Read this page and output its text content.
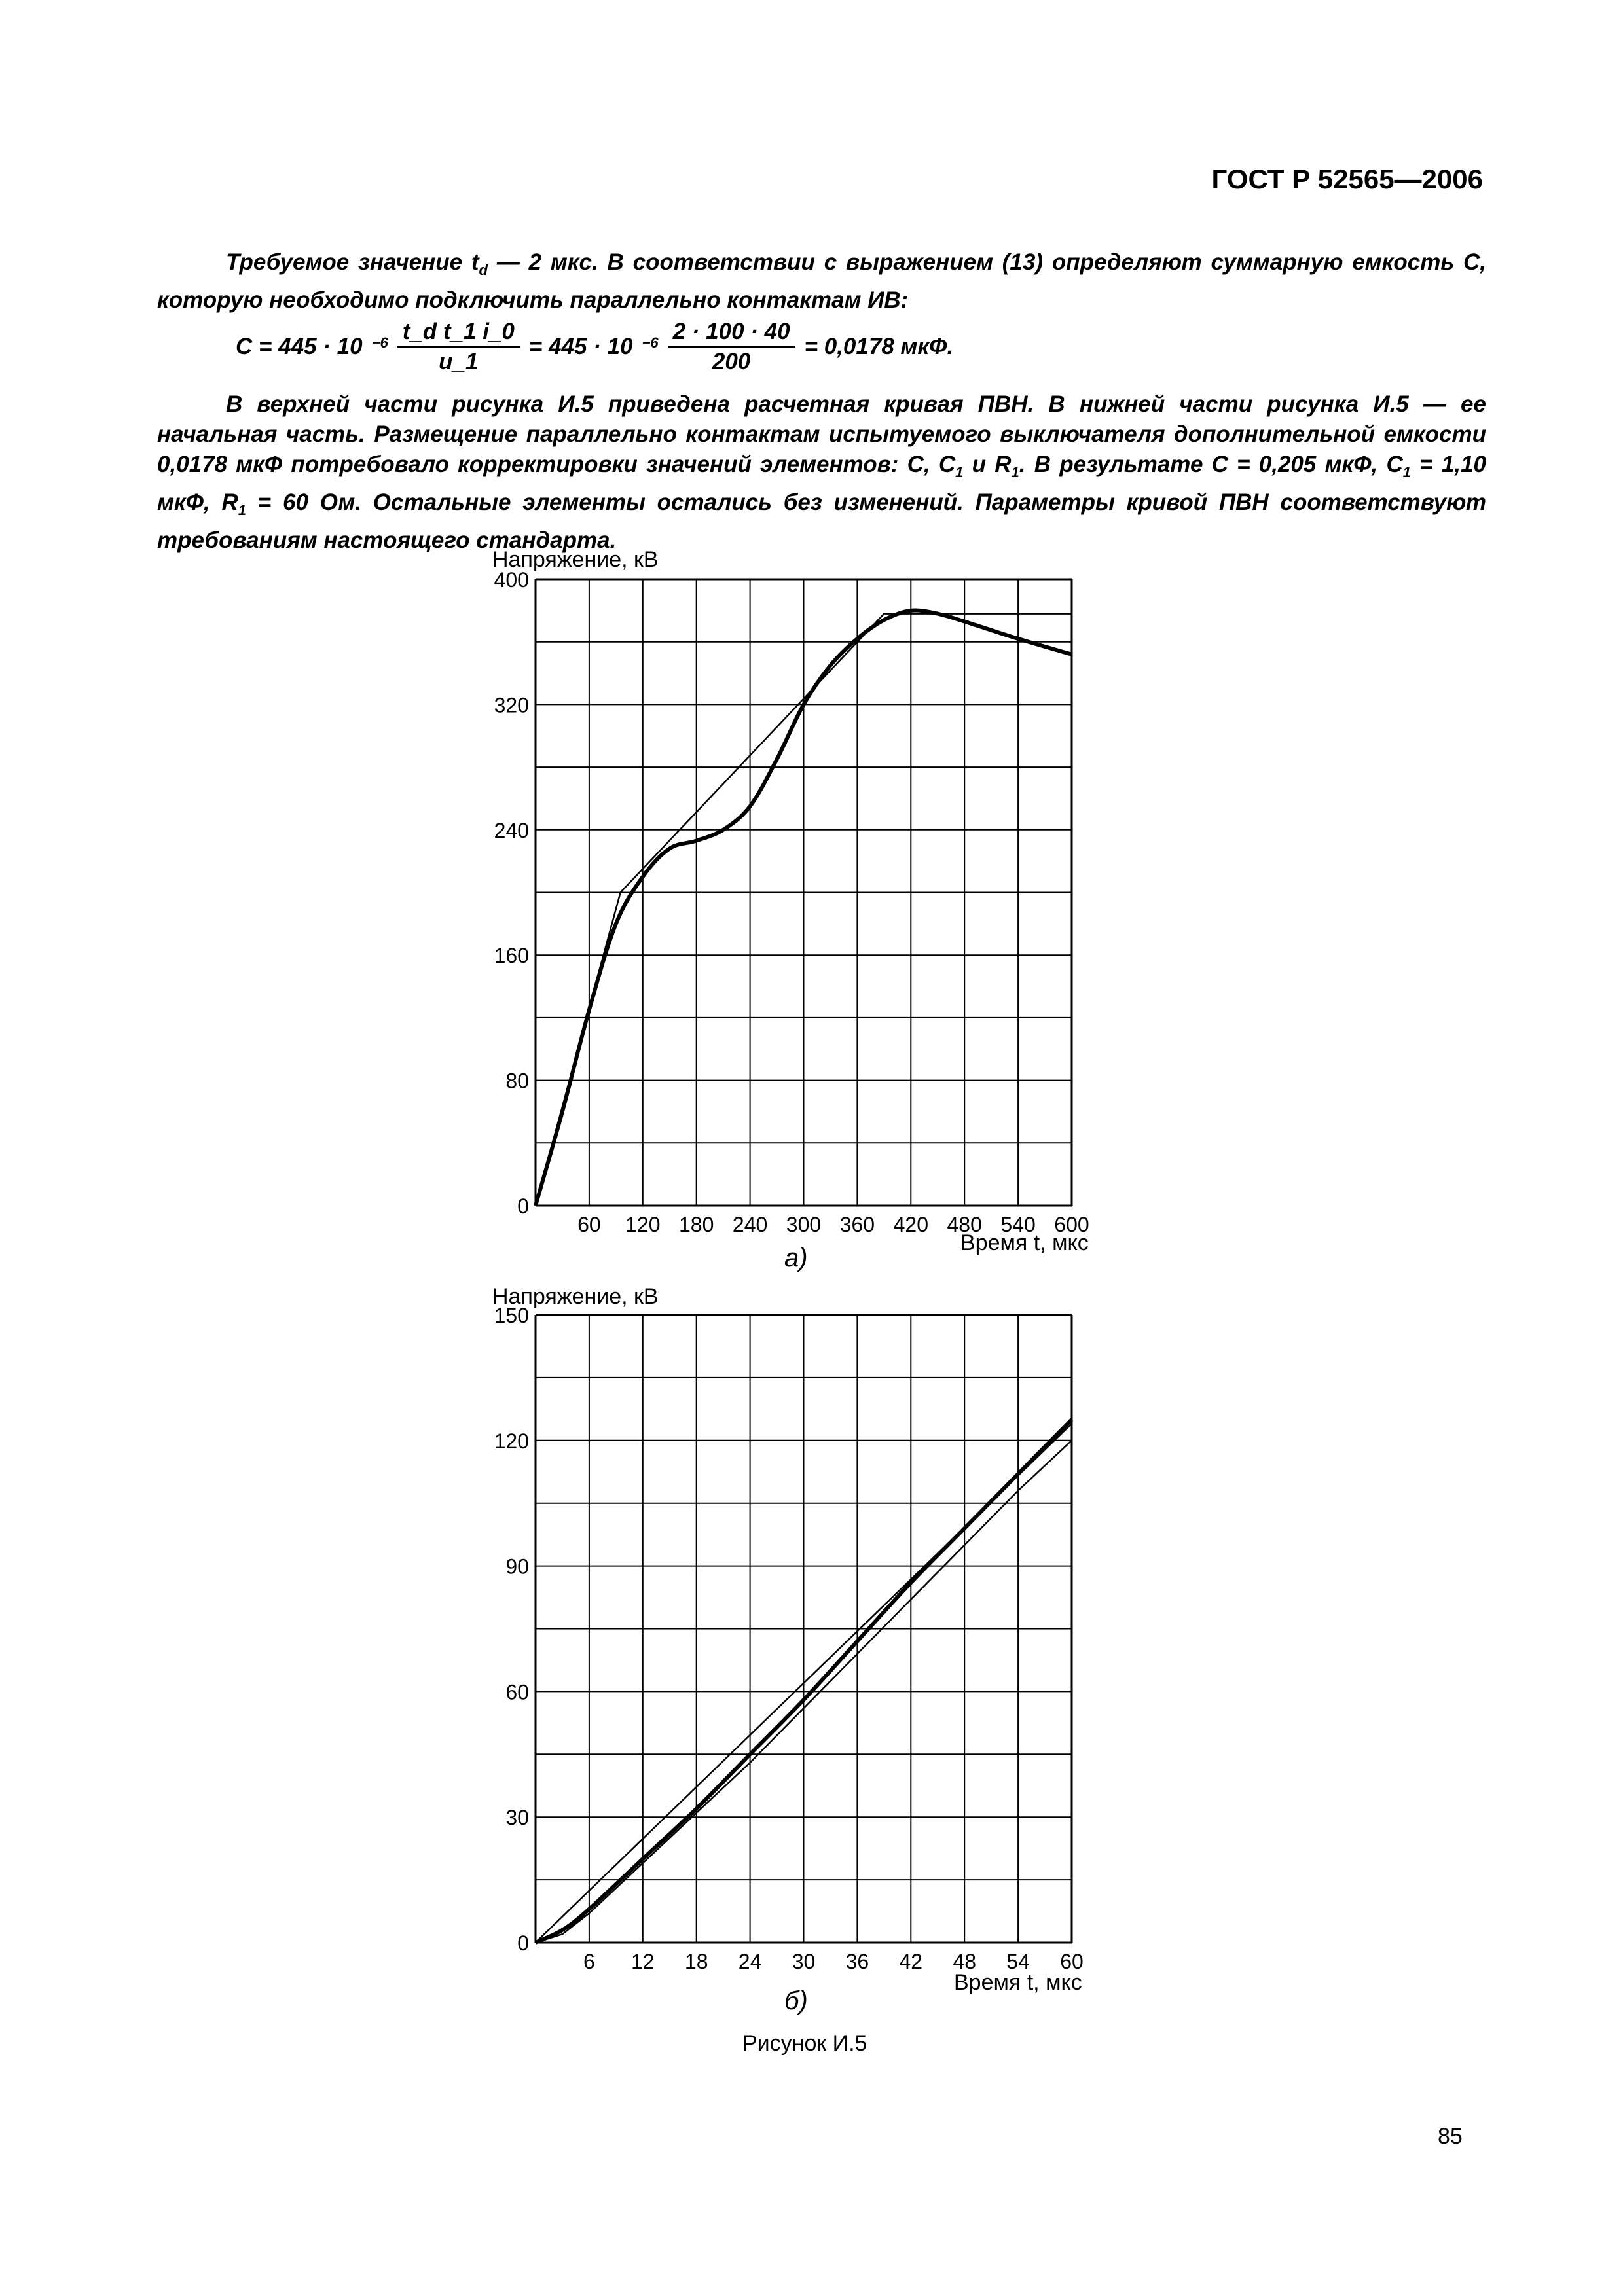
ГОСТ Р 52565—2006
Требуемое значение $t_d$ — 2 мкс. В соответствии с выражением (13) определяют суммарную емкость С, которую необходимо подключить параллельно контактам ИВ:
С = 445 · 10 $^{-6} \frac{\text{t\_d t\_1 i\_0}}{u\_1} = 445 \cdot 10$ $^{-6} \frac{2 \cdot 100 \cdot 40}{200} = 0,0178$ мкФ.
В верхней части рисунка И.5 приведена расчетная кривая ПВН. В нижней части рисунка И.5 — ее начальная часть. Размещение параллельно контактам испытуемого выключателя дополнительной емкости 0,0178 мкФ потребовало корректировки значений элементов: С, $С_1$ и $R_1$. В результате С = 0,205 мкФ, $С_1 = 1,10$ мкФ, $R_1 = 60$ Ом. Остальные элементы остались без изменений. Параметры кривой ПВН соответствуют требованиям настоящего стандарта.
Напряжение, кВ
60 120 180 240 300 360 420 480 540 600
0
80
160
240
320
400
6 12 18 24 30 36 42 48 54 60
0
30
60
90
120
150
Время t, мкс
а)
Напряжение, кВ
Время t, мкс
б)
Рисунок И.5
85
